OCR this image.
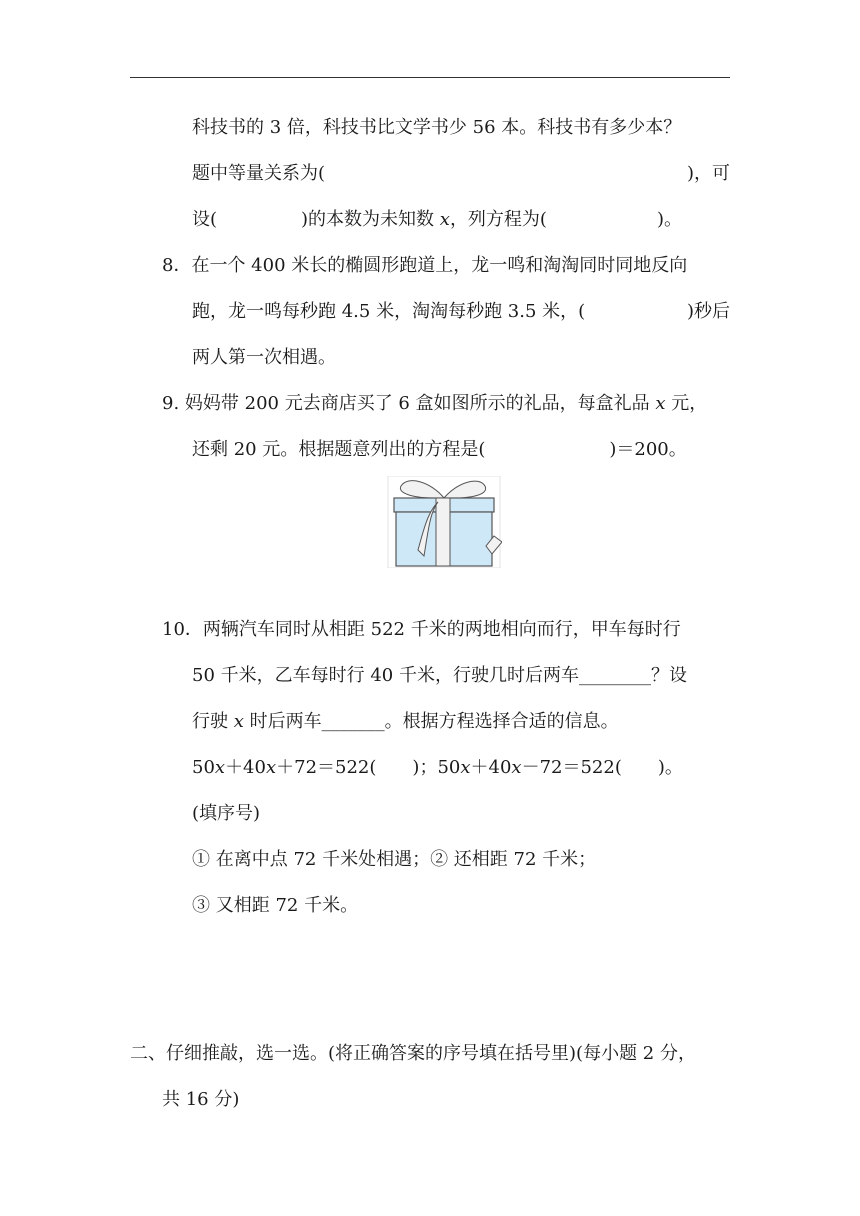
科技书的 3 倍，科技书比文学书少 56 本。科技书有多少本？
题中等量关系为(	)，可
设(	)的本数为未知数 x，列方程为(	)。
8．在一个 400 米长的椭圆形跑道上，龙一鸣和淘淘同时同地反向
跑，龙一鸣每秒跑 4.5 米，淘淘每秒跑 3.5 米，(	)秒后
两人第一次相遇。
9. 妈妈带 200 元去商店买了 6 盒如图所示的礼品，每盒礼品 x 元，
还剩 20 元。根据题意列出的方程是(	)＝200。
10．两辆汽车同时从相距 522 千米的两地相向而行，甲车每时行
50 千米，乙车每时行 40 千米，行驶几时后两车________？设
行驶 x 时后两车_______。根据方程选择合适的信息。
50x＋40x＋72＝522( )；50x＋40x－72＝522( )。
(填序号)
① 在离中点 72 千米处相遇；② 还相距 72 千米；
③ 又相距 72 千米。
二、仔细推敲，选一选。(将正确答案的序号填在括号里)(每小题 2 分，
共 16 分)
